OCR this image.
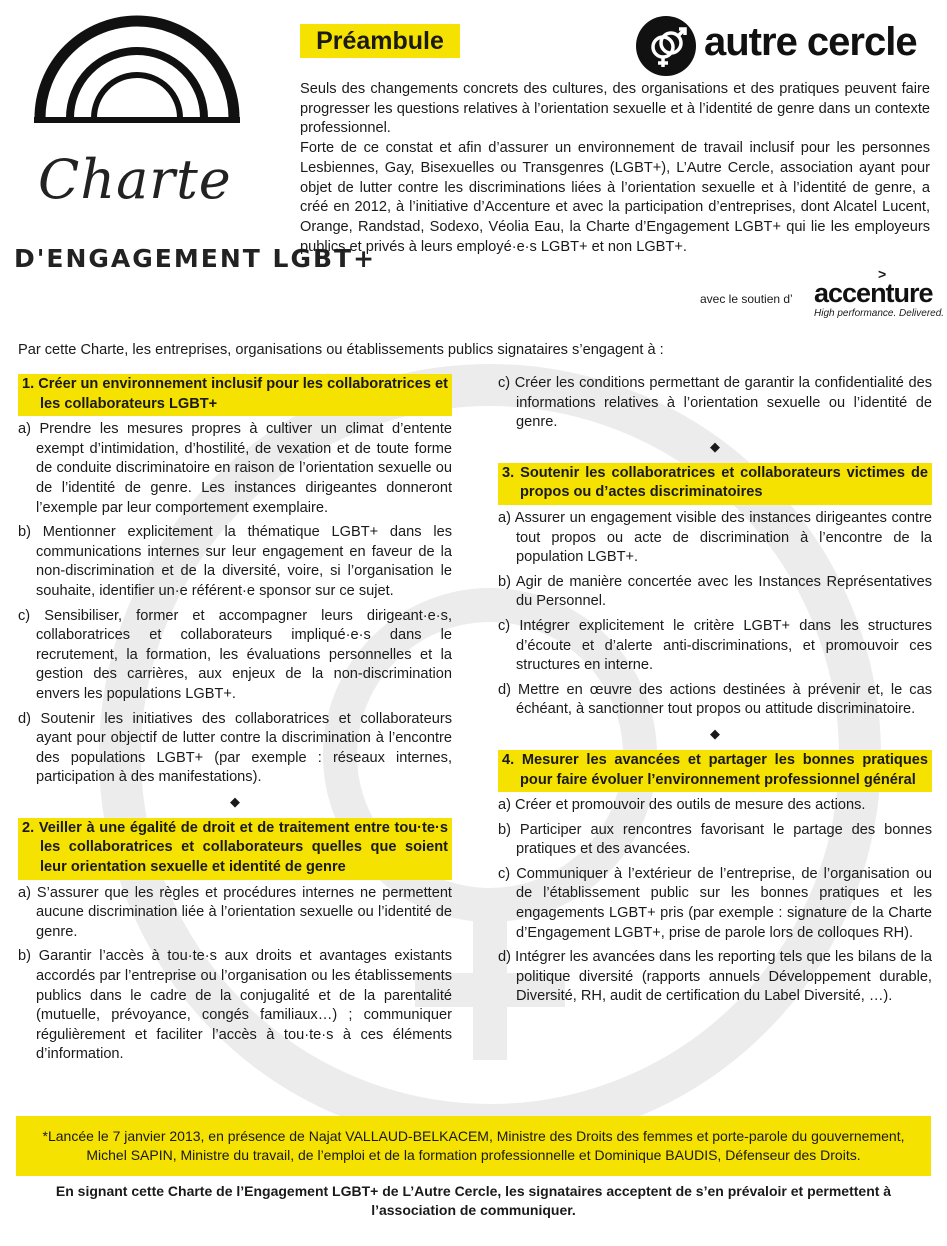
Charte
D'ENGAGEMENT LGBT+
Préambule	autre cercle

Seuls des changements concrets des cultures, des organisations et des pratiques peuvent faire progresser les questions relatives à l’orientation sexuelle et à l’identité de genre dans un contexte professionnel.

Forte de ce constat et afin d’assurer un environnement de travail inclusif pour les personnes Lesbiennes, Gay, Bisexuelles ou Transgenres (LGBT+), L’Autre Cercle, association ayant pour objet de lutter contre les discriminations liées à l’orientation sexuelle et à l’identité de genre, a créé en 2012, à l’initiative d’Accenture et avec la participation d’entreprises, dont Alcatel Lucent, Orange, Randstad, Sodexo, Véolia Eau, la Charte d’Engagement LGBT+ qui lie les employeurs publics et privés à leurs employé·e·s LGBT+ et non LGBT+.

avec le soutien d’
>
accenture
High performance. Delivered.
Par cette Charte, les entreprises, organisations ou établissements publics signataires s’engagent à :
1. Créer un environnement inclusif pour les collaboratrices et les collaborateurs LGBT+

a) Prendre les mesures propres à cultiver un climat d’entente exempt d’intimidation, d’hostilité, de vexation et de toute forme de conduite discriminatoire en raison de l’orientation sexuelle ou de l’identité de genre. Les instances dirigeantes donneront l’exemple par leur comportement exemplaire.

b) Mentionner explicitement la thématique LGBT+ dans les communications internes sur leur engagement en faveur de la non-discrimination et de la diversité, voire, si l’organisation le souhaite, identifier un·e référent·e sponsor sur ce sujet.

c) Sensibiliser, former et accompagner leurs dirigeant·e·s, collaboratrices et collaborateurs impliqué·e·s dans le recrutement, la formation, les évaluations personnelles et la gestion des carrières, aux enjeux de la non-discrimination envers les populations LGBT+.

d) Soutenir les initiatives des collaboratrices et collaborateurs ayant pour objectif de lutter contre la discrimination à l’encontre des populations LGBT+ (par exemple : réseaux internes, participation à des manifestations).

◆
2. Veiller à une égalité de droit et de traitement entre tou·te·s les collaboratrices et collaborateurs quelles que soient leur orientation sexuelle et identité de genre

a) S’assurer que les règles et procédures internes ne permettent aucune discrimination liée à l’orientation sexuelle ou l’identité de genre.

b) Garantir l’accès à tou·te·s aux droits et avantages existants accordés par l’entreprise ou l’organisation ou les établissements publics dans le cadre de la conjugalité et de la parentalité (mutuelle, prévoyance, congés familiaux…) ; communiquer régulièrement et faciliter l’accès à tou·te·s à ces éléments d’information.

c) Créer les conditions permettant de garantir la confidentialité des informations relatives à l’orientation sexuelle ou l’identité de genre.

◆
3. Soutenir les collaboratrices et collaborateurs victimes de propos ou d’actes discriminatoires

a) Assurer un engagement visible des instances dirigeantes contre tout propos ou acte de discrimination à l’encontre de la population LGBT+.

b) Agir de manière concertée avec les Instances Représentatives du Personnel.

c) Intégrer explicitement le critère LGBT+ dans les structures d’écoute et d’alerte anti-discriminations, et promouvoir ces structures en interne.

d) Mettre en œuvre des actions destinées à prévenir et, le cas échéant, à sanctionner tout propos ou attitude discriminatoire.

◆
4. Mesurer les avancées et partager les bonnes pratiques pour faire évoluer l’environnement professionnel général

a) Créer et promouvoir des outils de mesure des actions.

b) Participer aux rencontres favorisant le partage des bonnes pratiques et des avancées.

c) Communiquer à l’extérieur de l’entreprise, de l’organisation ou de l’établissement public sur les bonnes pratiques et les engagements LGBT+ pris (par exemple : signature de la Charte d’Engagement LGBT+, prise de parole lors de colloques RH).

d) Intégrer les avancées dans les reporting tels que les bilans de la politique diversité (rapports annuels Développement durable, Diversité, RH, audit de certification du Label Diversité, …).

*Lancée le 7 janvier 2013, en présence de Najat VALLAUD-BELKACEM, Ministre des Droits des femmes et porte-parole du gouvernement, Michel SAPIN, Ministre du travail, de l’emploi et de la formation professionnelle et Dominique BAUDIS, Défenseur des Droits.
En signant cette Charte de l’Engagement LGBT+ de L’Autre Cercle, les signataires acceptent de s’en prévaloir et permettent à l’association de communiquer.
